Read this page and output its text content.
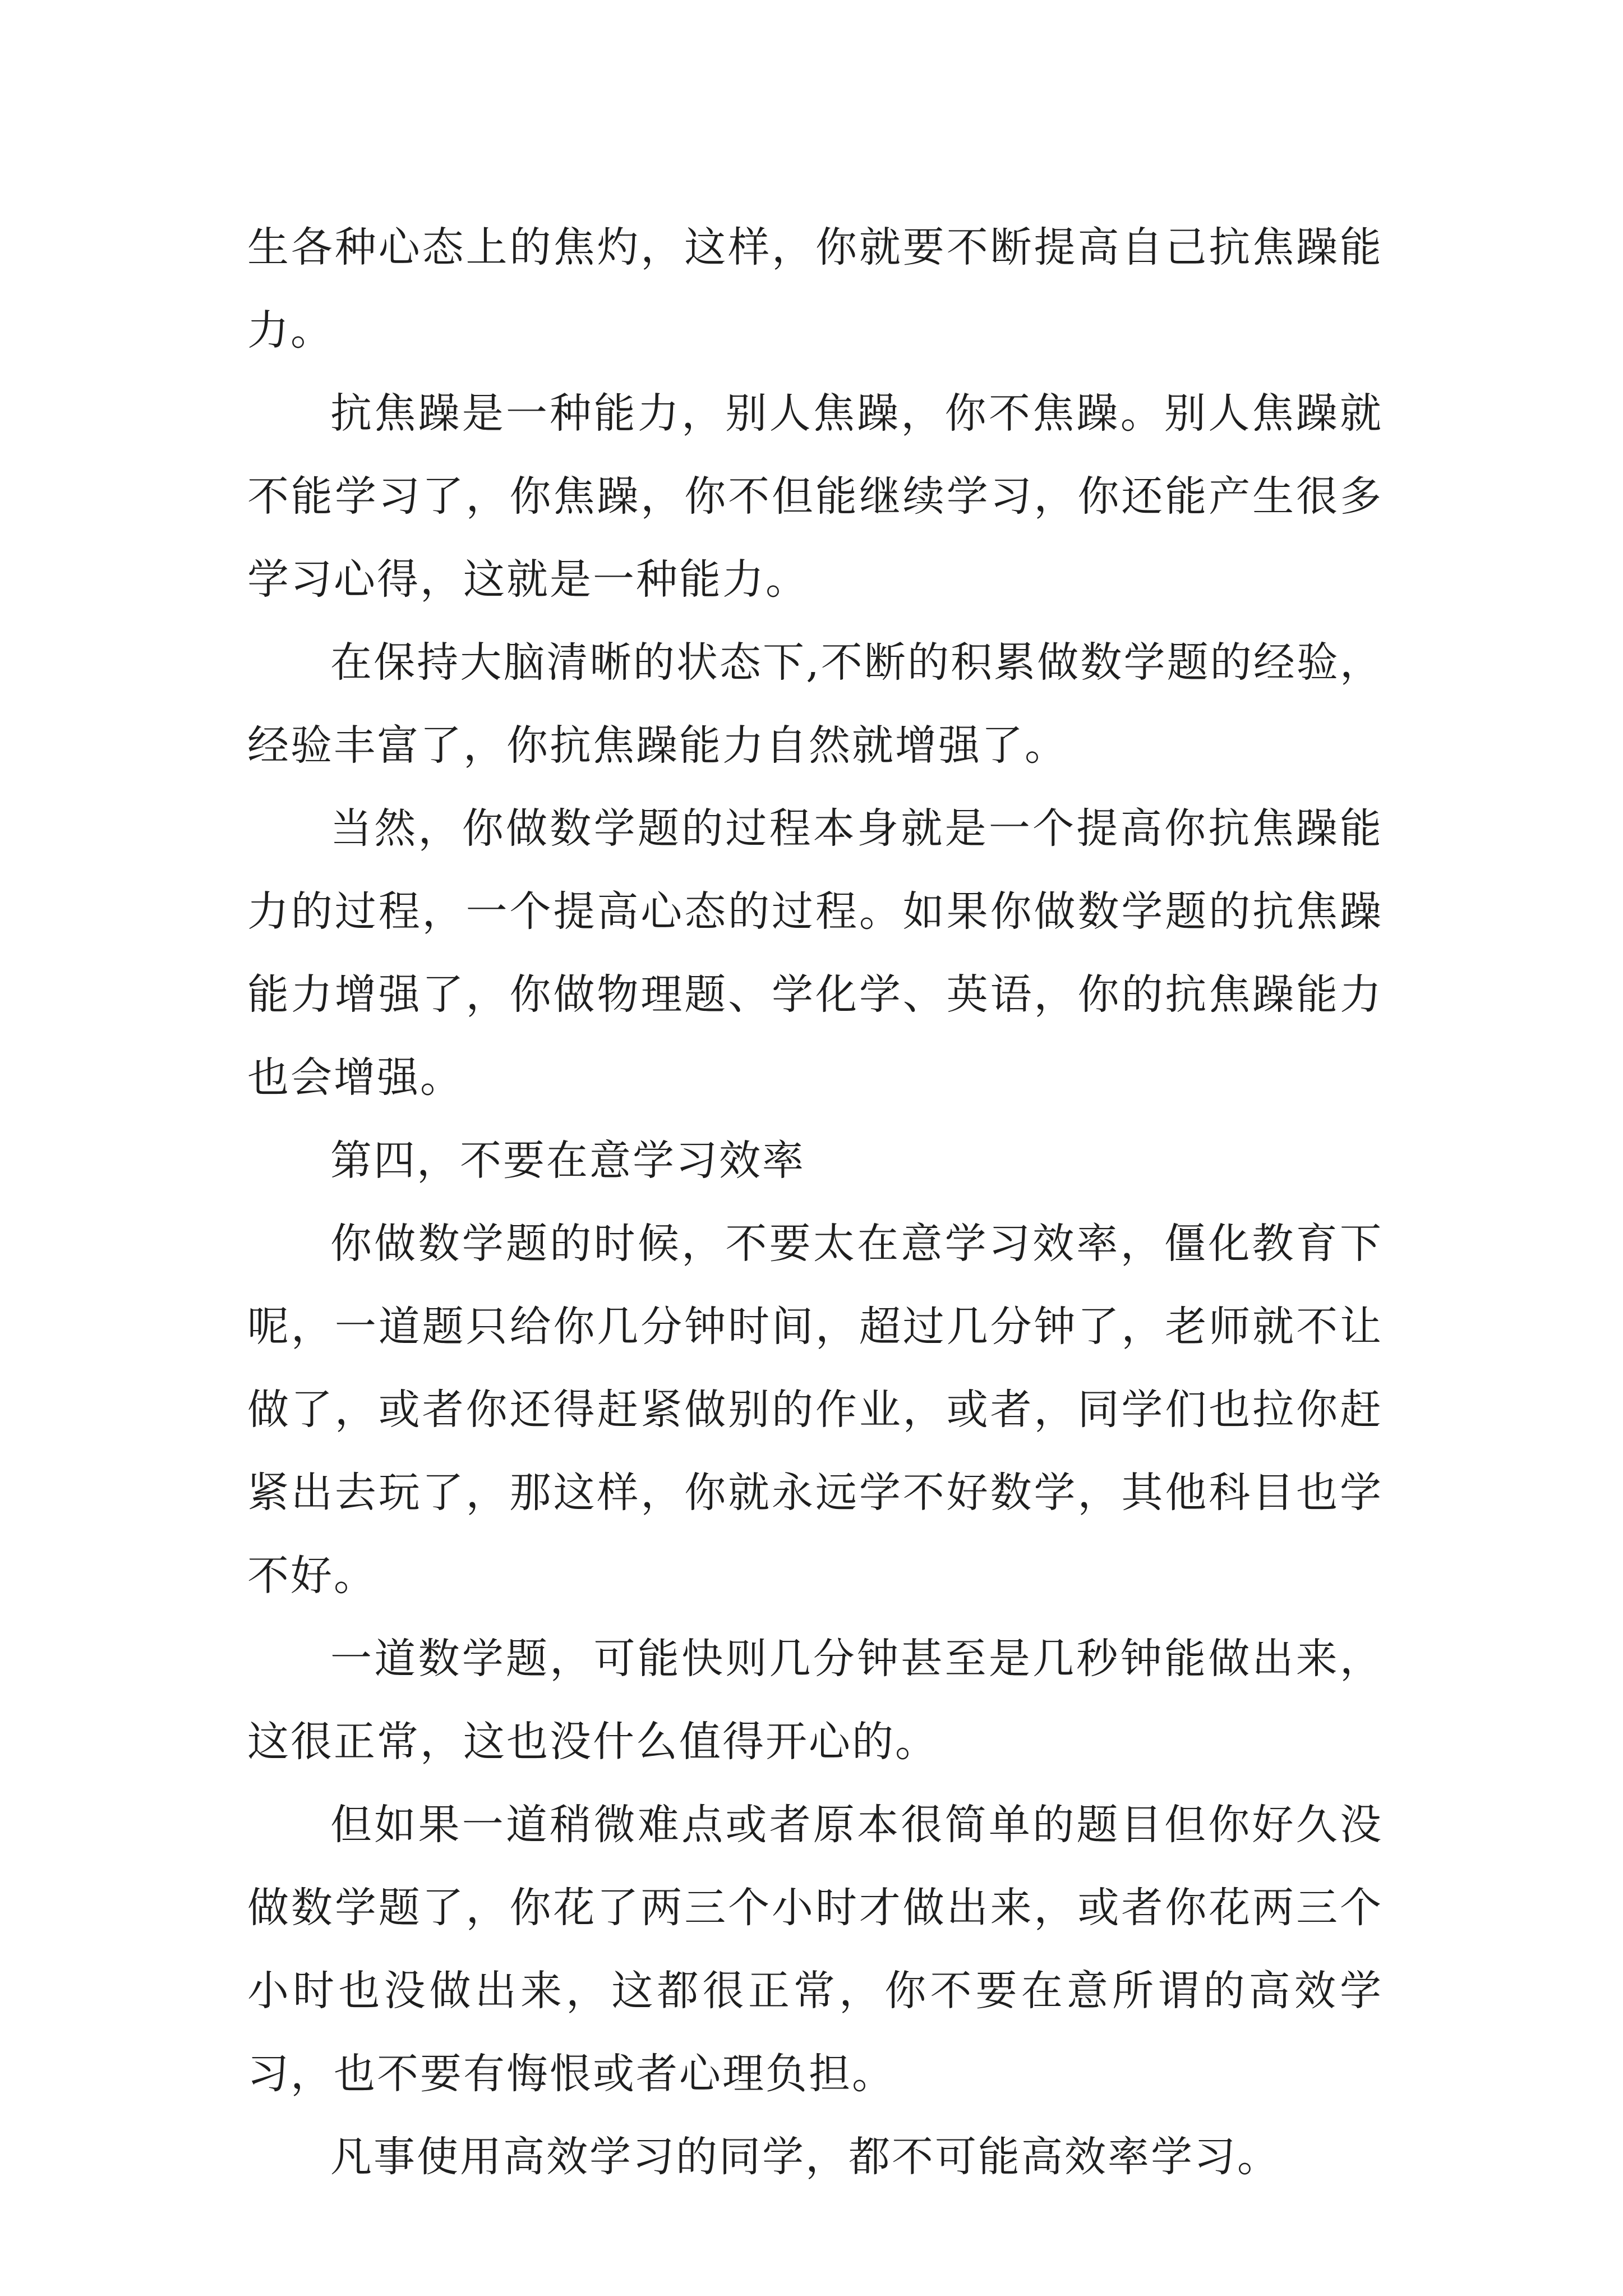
生各种心态上的焦灼，这样，你就要不断提高自己抗焦躁能力。

抗焦躁是一种能力，别人焦躁，你不焦躁。别人焦躁就不能学习了，你焦躁，你不但能继续学习，你还能产生很多学习心得，这就是一种能力。

在保持大脑清晰的状态下,不断的积累做数学题的经验，经验丰富了，你抗焦躁能力自然就增强了。

当然，你做数学题的过程本身就是一个提高你抗焦躁能力的过程，一个提高心态的过程。如果你做数学题的抗焦躁能力增强了，你做物理题、学化学、英语，你的抗焦躁能力也会增强。

第四，不要在意学习效率

你做数学题的时候，不要太在意学习效率，僵化教育下呢，一道题只给你几分钟时间，超过几分钟了，老师就不让做了，或者你还得赶紧做别的作业，或者，同学们也拉你赶紧出去玩了，那这样，你就永远学不好数学，其他科目也学不好。

一道数学题，可能快则几分钟甚至是几秒钟能做出来，这很正常，这也没什么值得开心的。

但如果一道稍微难点或者原本很简单的题目但你好久没做数学题了，你花了两三个小时才做出来，或者你花两三个小时也没做出来，这都很正常，你不要在意所谓的高效学习，也不要有悔恨或者心理负担。

凡事使用高效学习的同学，都不可能高效率学习。
